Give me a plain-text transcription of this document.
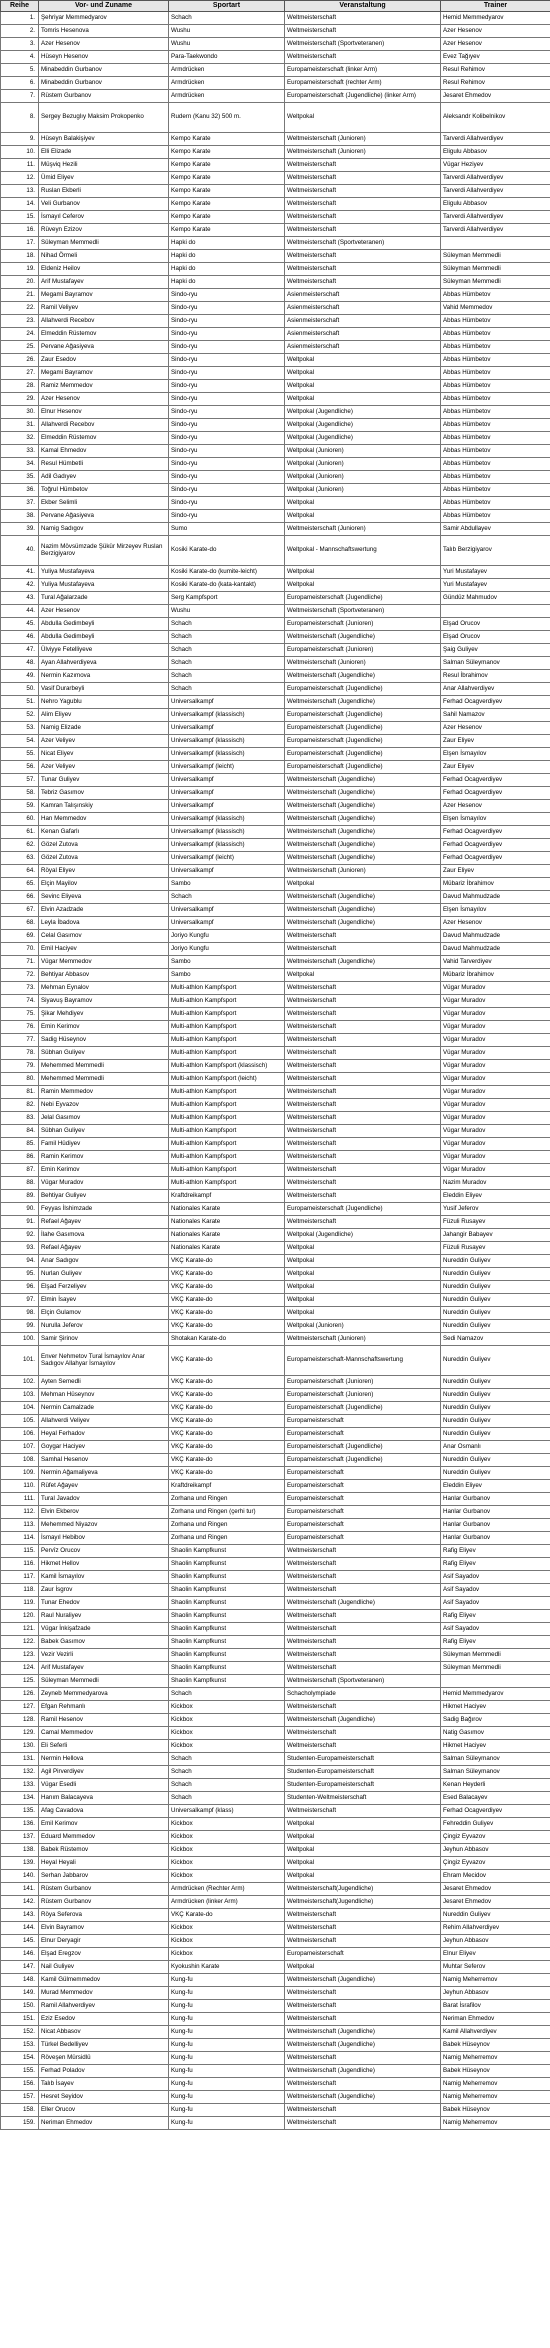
Reihe	Vor- und Zuname	Sportart	Veranstaltung	Trainer
1.	Şehriyar Memmedyarov	Schach	Weltmeisterschaft	Hemid Memmedyarov
2.	Tomris Hesenova	Wushu	Weltmeisterschaft	Azer Hesenov
3.	Azer Hesenov	Wushu	Weltmeisterschaft (Sportveteranen)	Azer Hesenov
4.	Hüseyn Hesenov	Para-Taekwondo	Weltmeisterschaft	Evez Tağıyev
5.	Minabeddin Gurbanov	Armdrücken	Europameisterschaft (linker Arm)	Resul Rehimov
6.	Minabeddin Gurbanov	Armdrücken	Europameisterschaft (rechter Arm)	Resul Rehimov
7.	Rüstem Gurbanov	Armdrücken	Europameisterschaft (Jugendliche) (linker Arm)	Jesaret Ehmedov
8.	Sergey Bezuglıy Maksim Prokopenko	Rudern (Kanu 32) 500 m.	Weltpokal	Aleksandr Kolibelnikov
9.	Hüseyn Balakişiyev	Kempo Karate	Weltmeisterschaft (Junioren)	Tarverdi Allahverdiyev
10.	Elli Elizade	Kempo Karate	Weltmeisterschaft (Junioren)	Eligulu Abbasov
11.	Müşviq Hezili	Kempo Karate	Weltmeisterschaft	Vügar Heziyev
12.	Ümid Eliyev	Kempo Karate	Weltmeisterschaft	Tarverdi Allahverdiyev
13.	Ruslan Ekberli	Kempo Karate	Weltmeisterschaft	Tarverdi Allahverdiyev
14.	Veli Gurbanov	Kempo Karate	Weltmeisterschaft	Eligulu Abbasov
15.	İsmayıl Ceferov	Kempo Karate	Weltmeisterschaft	Tarverdi Allahverdiyev
16.	Rüveyn Ezizov	Kempo Karate	Weltmeisterschaft	Tarverdi Allahverdiyev
17.	Süleyman Memmedli	Hapki do	Weltmeisterschaft (Sportveteranen)	
18.	Nihad Örmeli	Hapki do	Weltmeisterschaft	Süleyman Memmedli
19.	Eldeniz Heilov	Hapki do	Weltmeisterschaft	Süleyman Memmedli
20.	Arif Mustafayev	Hapki do	Weltmeisterschaft	Süleyman Memmedli
21.	Megami Bayramov	Sindo-ryu	Asienmeisterschaft	Abbas Hümbetov
22.	Ramil Veliyev	Sindo-ryu	Asienmeisterschaft	Vahid Memmedov
23.	Allahverdi Recebov	Sindo-ryu	Asienmeisterschaft	Abbas Hümbetov
24.	Elmeddin Rüstemov	Sindo-ryu	Asienmeisterschaft	Abbas Hümbetov
25.	Pervane Ağasiyeva	Sindo-ryu	Asienmeisterschaft	Abbas Hümbetov
26.	Zaur Esedov	Sindo-ryu	Weltpokal	Abbas Hümbetov
27.	Megami Bayramov	Sindo-ryu	Weltpokal	Abbas Hümbetov
28.	Ramiz Memmedov	Sindo-ryu	Weltpokal	Abbas Hümbetov
29.	Azer Hesenov	Sindo-ryu	Weltpokal	Abbas Hümbetov
30.	Elnur Hesenov	Sindo-ryu	Weltpokal (Jugendliche)	Abbas Hümbetov
31.	Allahverdi Recebov	Sindo-ryu	Weltpokal (Jugendliche)	Abbas Hümbetov
32.	Elmeddin Rüstemov	Sindo-ryu	Weltpokal (Jugendliche)	Abbas Hümbetov
33.	Kamal Ehmedov	Sindo-ryu	Weltpokal (Junioren)	Abbas Hümbetov
34.	Resul Hümbetli	Sindo-ryu	Weltpokal (Junioren)	Abbas Hümbetov
35.	Adil Gadıyev	Sindo-ryu	Weltpokal (Junioren)	Abbas Hümbetov
36.	Toğrul Hümbetov	Sindo-ryu	Weltpokal (Junioren)	Abbas Hümbetov
37.	Ekber Selimli	Sindo-ryu	Weltpokal	Abbas Hümbetov
38.	Pervane Ağasiyeva	Sindo-ryu	Weltpokal	Abbas Hümbetov
39.	Namig Sadıgov	Sumo	Weltmeisterschaft (Junioren)	Samir Abdullayev
40.	Nazim Mövsümzade Şükür Mirzeyev Ruslan Berzigiyarov	Kosiki Karate-do	Weltpokal - Mannschaftswertung	Talıb Berzigiyarov
41.	Yuliya Mustafayeva	Kosiki Karate-do (kumite-leicht)	Weltpokal	Yuri Mustafayev
42.	Yuliya Mustafayeva	Kosiki Karate-do (kata-kantakt)	Weltpokal	Yuri Mustafayev
43.	Tural Ağalarzade	Serg Kampfsport	Europameisterschaft (Jugendliche)	Gündüz Mahmudov
44.	Azer Hesenov	Wushu	Weltmeisterschaft (Sportveteranen)	
45.	Abdulla Gedimbeyli	Schach	Europameisterschaft (Junioren)	Elşad Orucov
46.	Abdulla Gedimbeyli	Schach	Weltmeisterschaft (Jugendliche)	Elşad Orucov
47.	Ülviyye Fetelliyeve	Schach	Europameisterschaft (Junioren)	Şaig Guliyev
48.	Ayan Allahverdiyeva	Schach	Weltmeisterschaft (Junioren)	Salman Süleymanov
49.	Nermin Kazımova	Schach	Weltmeisterschaft (Jugendliche)	Resul İbrahimov
50.	Vasif Durarbeyli	Schach	Europameisterschaft (Jugendliche)	Anar Allahverdiyev
51.	Nehro Yagublu	Universalkampf	Weltmeisterschaft (Jugendliche)	Ferhad Ocagverdiyev
52.	Alim Eliyev	Universalkampf (klassisch)	Europameisterschaft (Jugendliche)	Sahil Namazov
53.	Namig Elizade	Universalkampf	Europameisterschaft (Jugendliche)	Azer Hesenov
54.	Azer Veliyev	Universalkampf (klassisch)	Europameisterschaft (Jugendliche)	Zaur Eliyev
55.	Nicat Eliyev	Universalkampf (klassisch)	Europameisterschaft (Jugendliche)	Elşen İsmayılov
56.	Azer Veliyev	Universalkampf (leicht)	Europameisterschaft (Jugendliche)	Zaur Eliyev
57.	Tunar Guliyev	Universalkampf	Weltmeisterschaft (Jugendliche)	Ferhad Ocagverdiyev
58.	Tebriz Gasımov	Universalkampf	Weltmeisterschaft (Jugendliche)	Ferhad Ocagverdiyev
59.	Kamran Talışınskiy	Universalkampf	Weltmeisterschaft (Jugendliche)	Azer Hesenov
60.	Han Memmedov	Universalkampf (klassisch)	Weltmeisterschaft (Jugendliche)	Elşen İsmayılov
61.	Kenan Gafarlı	Universalkampf (klassisch)	Weltmeisterschaft (Jugendliche)	Ferhad Ocagverdiyev
62.	Gözel Zutova	Universalkampf (klassisch)	Weltmeisterschaft (Jugendliche)	Ferhad Ocagverdiyev
63.	Gözel Zutova	Universalkampf (leicht)	Weltmeisterschaft (Jugendliche)	Ferhad Ocagverdiyev
64.	Röyal Eliyev	Universalkampf	Weltmeisterschaft (Junioren)	Zaur Eliyev
65.	Elçin Mayilov	Sambo	Weltpokal	Mübariz İbrahimov
66.	Sevinc Eliyeva	Schach	Weltmeisterschaft (Jugendliche)	Davud Mahmudzade
67.	Elvin Azadzade	Universalkampf	Weltmeisterschaft (Jugendliche)	Elşen İsmayılov
68.	Leyla İbadova	Universalkampf	Weltmeisterschaft (Jugendliche)	Azer Hesenov
69.	Celal Gasımov	Joriyo Kungfu	Weltmeisterschaft	Davud Mahmudzade
70.	Emil Haciyev	Joriyo Kungfu	Weltmeisterschaft	Davud Mahmudzade
71.	Vügar Memmedov	Sambo	Weltmeisterschaft (Jugendliche)	Vahid Tarverdiyev
72.	Behtiyar Abbasov	Sambo	Weltpokal	Mübariz İbrahimov
73.	Mehman Eynalov	Multi-athlon Kampfsport	Weltmeisterschaft	Vügar Muradov
74.	Siyavuş Bayramov	Multi-athlon Kampfsport	Weltmeisterschaft	Vügar Muradov
75.	Şikar Mehdiyev	Multi-athlon Kampfsport	Weltmeisterschaft	Vügar Muradov
76.	Emin Kerimov	Multi-athlon Kampfsport	Weltmeisterschaft	Vügar Muradov
77.	Sadig Hüseynov	Multi-athlon Kampfsport	Weltmeisterschaft	Vügar Muradov
78.	Sübhan Guliyev	Multi-athlon Kampfsport	Weltmeisterschaft	Vügar Muradov
79.	Mehemmed Memmedli	Multi-athlon Kampfsport (klassisch)	Weltmeisterschaft	Vügar Muradov
80.	Mehemmed Memmedli	Multi-athlon Kampfsport (leicht)	Weltmeisterschaft	Vügar Muradov
81.	Ramin Memmedov	Multi-athlon Kampfsport	Weltmeisterschaft	Vügar Muradov
82.	Nebi Eyvazov	Multi-athlon Kampfsport	Weltmeisterschaft	Vügar Muradov
83.	Jelal Gasımov	Multi-athlon Kampfsport	Weltmeisterschaft	Vügar Muradov
84.	Sübhan Guliyev	Multi-athlon Kampfsport	Weltmeisterschaft	Vügar Muradov
85.	Famil Hüdiyev	Multi-athlon Kampfsport	Weltmeisterschaft	Vügar Muradov
86.	Ramin Kerimov	Multi-athlon Kampfsport	Weltmeisterschaft	Vügar Muradov
87.	Emin Kerimov	Multi-athlon Kampfsport	Weltmeisterschaft	Vügar Muradov
88.	Vügar Muradov	Multi-athlon Kampfsport	Weltmeisterschaft	Nazim Muradov
89.	Behtiyar Guliyev	Kraftdreikampf	Weltmeisterschaft	Eleddin Eliyev
90.	Feyyas İlshimzade	Nationales Karate	Europameisterschaft (Jugendliche)	Yusif Jeferov
91.	Refael Ağayev	Nationales Karate	Weltmeisterschaft	Füzuli Rusayev
92.	İlahe Gasımova	Nationales Karate	Weltpokal (Jugendliche)	Jahangir Babayev
93.	Refael Ağayev	Nationales Karate	Weltpokal	Füzuli Rusayev
94.	Anar Sadıgov	VKÇ Karate-do	Weltpokal	Nureddin Guliyev
95.	Nurlan Guliyev	VKÇ Karate-do	Weltpokal	Nureddin Guliyev
96.	Elşad Ferzeliyev	VKÇ Karate-do	Weltpokal	Nureddin Guliyev
97.	Elmin İsayev	VKÇ Karate-do	Weltpokal	Nureddin Guliyev
98.	Elçin Gulamov	VKÇ Karate-do	Weltpokal	Nureddin Guliyev
99.	Nurulla Jeferov	VKÇ Karate-do	Weltpokal (Junioren)	Nureddin Guliyev
100.	Samir Şirinov	Shotakan Karate-do	Weltmeisterschaft (Junioren)	Sedi Namazov
101.	Enver Nehmetov Tural İsmayılov Anar Sadıgov Allahyar İsmayılov	VKÇ Karate-do	Europameisterschaft-Mannschaftswertung	Nureddin Guliyev
102.	Ayten Semedli	VKÇ Karate-do	Europameisterschaft (Junioren)	Nureddin Guliyev
103.	Mehman Hüseynov	VKÇ Karate-do	Europameisterschaft (Junioren)	Nureddin Guliyev
104.	Nermin Camalzade	VKÇ Karate-do	Europameisterschaft (Jugendliche)	Nureddin Guliyev
105.	Allahverdi Veliyev	VKÇ Karate-do	Europameisterschaft	Nureddin Guliyev
106.	Heyal Ferhadov	VKÇ Karate-do	Europameisterschaft	Nureddin Guliyev
107.	Goygar Haciyev	VKÇ Karate-do	Europameisterschaft (Jugendliche)	Anar Osmanlı
108.	Samhal Hesenov	VKÇ Karate-do	Europameisterschaft (Jugendliche)	Nureddin Guliyev
109.	Nermin Ağamaliyeva	VKÇ Karate-do	Europameisterschaft	Nureddin Guliyev
110.	Rüfet Ağayev	Kraftdreikampf	Europameisterschaft	Eleddin Eliyev
111.	Tural Javadov	Zorhana und Ringen	Europameisterschaft	Hanlar Gurbanov
112.	Elvin Ekberov	Zorhana und Ringen (çerhi tur)	Europameisterschaft	Hanlar Gurbanov
113.	Mehemmed Niyazov	Zorhana und Ringen	Europameisterschaft	Hanlar Gurbanov
114.	İsmayıl Hebibov	Zorhana und Ringen	Europameisterschaft	Hanlar Gurbanov
115.	Pervîz Orucov	Shaolin Kampfkunst	Weltmeisterschaft	Rafig Eliyev
116.	Hikmet Hellov	Shaolin Kampfkunst	Weltmeisterschaft	Rafig Eliyev
117.	Kamil İsmayılov	Shaolin Kampfkunst	Weltmeisterschaft	Asif Sayadov
118.	Zaur İsgrov	Shaolin Kampfkunst	Weltmeisterschaft	Asif Sayadov
119.	Tunar Ehedov	Shaolin Kampfkunst	Weltmeisterschaft (Jugendliche)	Asif Sayadov
120.	Raul Nuraliyev	Shaolin Kampfkunst	Weltmeisterschaft	Rafig Eliyev
121.	Vügar İnkişafzade	Shaolin Kampfkunst	Weltmeisterschaft	Asif Sayadov
122.	Babek Gasımov	Shaolin Kampfkunst	Weltmeisterschaft	Rafig Eliyev
123.	Vezir Vezirli	Shaolin Kampfkunst	Weltmeisterschaft	Süleyman Memmedli
124.	Arif Mustafayev	Shaolin Kampfkunst	Weltmeisterschaft	Süleyman Memmedli
125.	Süleyman Memmedli	Shaolin Kampfkunst	Weltmeisterschaft (Sportveteranen)	
126.	Zeyneb Memmedyarova	Schach	Schacholympiade	Hemid Memmedyarov
127.	Efgan Rehmanlı	Kickbox	Weltmeisterschaft	Hikmet Haciyev
128.	Ramil Hesenov	Kickbox	Weltmeisterschaft (Jugendliche)	Sadig Bağırov
129.	Camal Memmedov	Kickbox	Weltmeisterschaft	Natig Gasımov
130.	Eli Seferli	Kickbox	Weltmeisterschaft	Hikmet Haciyev
131.	Nermin Hellova	Schach	Studenten-Europameisterschaft	Salman Süleymanov
132.	Agil Pirverdiyev	Schach	Studenten-Europameisterschaft	Salman Süleymanov
133.	Vügar Esedli	Schach	Studenten-Europameisterschaft	Kenan Heyderli
134.	Hanım Balacayeva	Schach	Studenten-Weltmeisterschaft	Esed Balacayev
135.	Afag Cavadova	Universalkampf (klass)	Weltmeisterschaft	Ferhad Ocagverdiyev
136.	Emil Kerimov	Kickbox	Weltpokal	Fehreddin Guliyev
137.	Eduard Memmedov	Kickbox	Weltpokal	Çingiz Eyvazov
138.	Babek Rüstemov	Kickbox	Weltpokal	Jeyhun Abbasov
139.	Heyal Heyali	Kickbox	Weltpokal	Çingiz Eyvazov
140.	Serhan Jabbarov	Kickbox	Weltpokal	Ehram Mecidov
141.	Rüstem Gurbanov	Armdrücken (Rechter Arm)	Weltmeisterschaft(Jugendliche)	Jesaret Ehmedov
142.	Rüstem Gurbanov	Armdrücken (linker Arm)	Weltmeisterschaft(Jugendliche)	Jesaret Ehmedov
143.	Röya Seferova	VKÇ Karate-do	Weltmeisterschaft	Nureddin Guliyev
144.	Elvin Bayramov	Kickbox	Weltmeisterschaft	Rehim Allahverdiyev
145.	Elnur Deryagir	Kickbox	Weltmeisterschaft	Jeyhun Abbasov
146.	Elşad Eregzov	Kickbox	Europameisterschaft	Elnur Eliyev
147.	Nail Guliyev	Kyokushin Karate	Weltpokal	Muhtar Seferov
148.	Kamil Gülmemmedov	Kung-fu	Weltmeisterschaft (Jugendliche)	Namig Meherremov
149.	Murad Memmedov	Kung-fu	Weltmeisterschaft	Jeyhun Abbasov
150.	Ramil Allahverdiyev	Kung-fu	Weltmeisterschaft	Barat İsrafilov
151.	Eziz Esedov	Kung-fu	Weltmeisterschaft	Neriman Ehmedov
152.	Nicat Abbasov	Kung-fu	Weltmeisterschaft (Jugendliche)	Kamil Allahverdiyev
153.	Türkel Bedelliyev	Kung-fu	Weltmeisterschaft (Jugendliche)	Babek Hüseynov
154.	Röveşen Mürsidlü	Kung-fu	Weltmeisterschaft	Namig Meherremov
155.	Ferhad Poladov	Kung-fu	Weltmeisterschaft (Jugendliche)	Babek Hüseynov
156.	Talıb İsayev	Kung-fu	Weltmeisterschaft	Namig Meherremov
157.	Hesret Seyidov	Kung-fu	Weltmeisterschaft (Jugendliche)	Namig Meherremov
158.	Eller Orucov	Kung-fu	Weltmeisterschaft	Babek Hüseynov
159.	Neriman Ehmedov	Kung-fu	Weltmeisterschaft	Namig Meherremov
